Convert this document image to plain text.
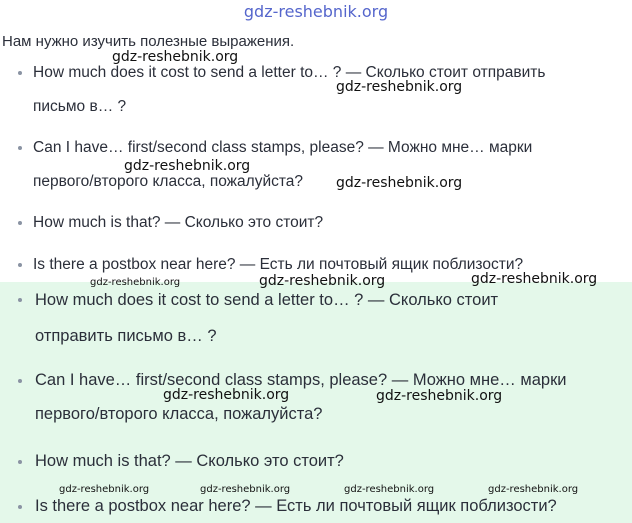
gdz-reshebnik.org
Нам нужно изучить полезные выражения.
How much does it cost to send a letter to… ? — Сколько стоит отправить
письмо в… ?
Can I have… first/second class stamps, please? — Можно мне… марки
первого/второго класса, пожалуйста?
How much is that? — Сколько это стоит?
Is there a postbox near here? — Есть ли почтовый ящик поблизости?
How much does it cost to send a letter to… ? — Сколько стоит
отправить письмо в… ?
Can I have… first/second class stamps, please? — Можно мне… марки
первого/второго класса, пожалуйста?
How much is that? — Сколько это стоит?
Is there a postbox near here? — Есть ли почтовый ящик поблизости?
gdz-reshebnik.org
gdz-reshebnik.org
gdz-reshebnik.org
gdz-reshebnik.org
gdz-reshebnik.org	gdz-reshebnik.org
gdz-reshebnik.org
gdz-reshebnik.org	gdz-reshebnik.org
gdz-reshebnik.org	gdz-reshebnik.org	gdz-reshebnik.org	gdz-reshebnik.org
